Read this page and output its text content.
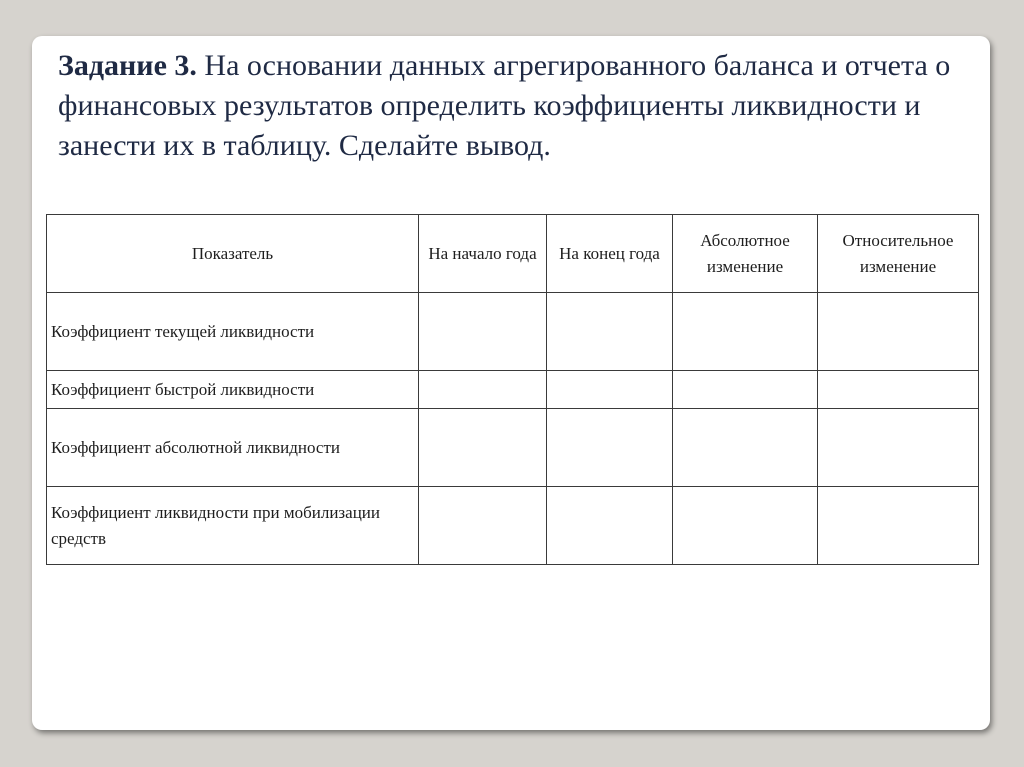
Задание 3. На основании данных агрегированного баланса и отчета о финансовых результатов определить коэффициенты ликвидности и занести их в таблицу. Сделайте вывод.

Показатель	На начало года	На конец года	Абсолютное изменение	Относительное изменение
Коэффициент текущей ликвидности				
Коэффициент быстрой ликвидности				
Коэффициент абсолютной ликвидности				
Коэффициент ликвидности при мобилизации средств				
